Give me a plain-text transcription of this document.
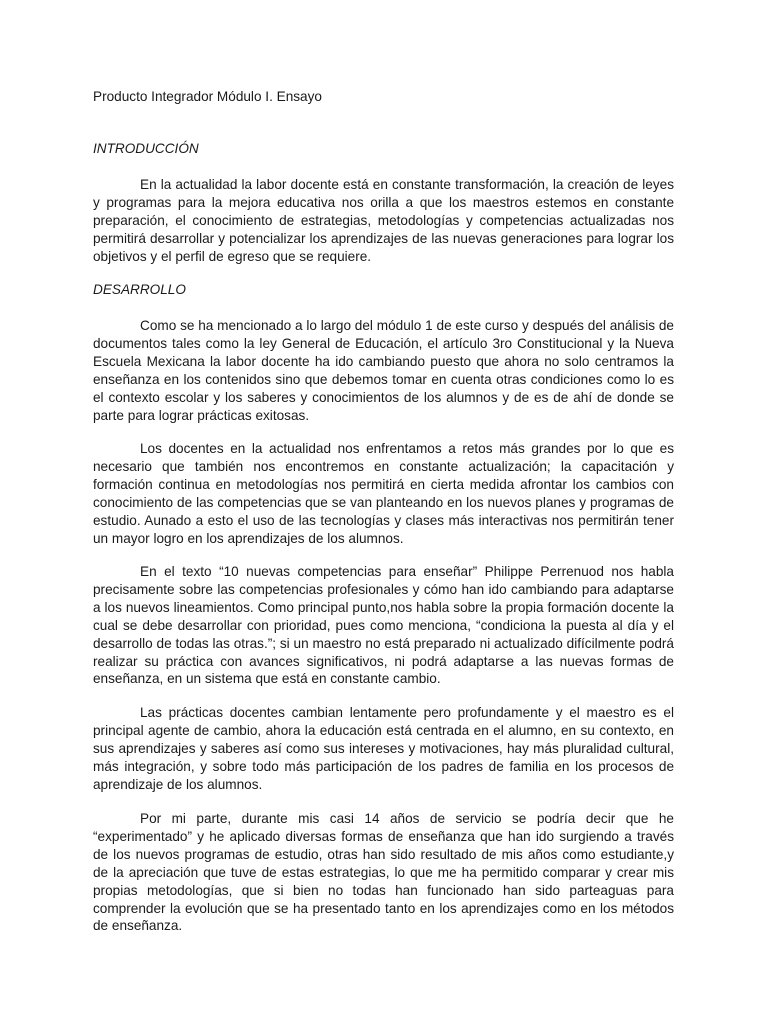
Producto Integrador Módulo I. Ensayo

INTRODUCCIÓN

En la actualidad la labor docente está en constante transformación, la creación de leyes y programas para la mejora educativa nos orilla a que los maestros estemos en constante preparación, el conocimiento de estrategias, metodologías y competencias actualizadas nos permitirá desarrollar y potencializar los aprendizajes de las nuevas generaciones para lograr los objetivos y el perfil de egreso que se requiere.

DESARROLLO

Como se ha mencionado a lo largo del módulo 1 de este curso y después del análisis de documentos tales como la ley General de Educación, el artículo 3ro Constitucional y la Nueva Escuela Mexicana la labor docente ha ido cambiando puesto que ahora no solo centramos la enseñanza en los contenidos sino que debemos tomar en cuenta otras condiciones como lo es el contexto escolar y los saberes y conocimientos de los alumnos y de es de ahí de donde se parte para lograr prácticas exitosas.

Los docentes en la actualidad nos enfrentamos a retos más grandes por lo que es necesario que también nos encontremos en constante actualización; la capacitación y formación continua en metodologías nos permitirá en cierta medida afrontar los cambios con conocimiento de las competencias que se van planteando en los nuevos planes y programas de estudio. Aunado a esto el uso de las tecnologías y clases más interactivas nos permitirán tener un mayor logro en los aprendizajes de los alumnos.

En el texto “10 nuevas competencias para enseñar” Philippe Perrenuod nos habla precisamente sobre las competencias profesionales y cómo han ido cambiando para adaptarse a los nuevos lineamientos. Como principal punto,nos habla sobre la propia formación docente la cual se debe desarrollar con prioridad, pues como menciona, “condiciona la puesta al día y el desarrollo de todas las otras.”; si un maestro no está preparado ni actualizado difícilmente podrá realizar su práctica con avances significativos, ni podrá adaptarse a las nuevas formas de enseñanza, en un sistema que está en constante cambio.

Las prácticas docentes cambian lentamente pero profundamente y el maestro es el principal agente de cambio, ahora la educación está centrada en el alumno, en su contexto, en sus aprendizajes y saberes así como sus intereses y motivaciones, hay más pluralidad cultural, más integración, y sobre todo más participación de los padres de familia en los procesos de aprendizaje de los alumnos.

Por mi parte, durante mis casi 14 años de servicio se podría decir que he “experimentado” y he aplicado diversas formas de enseñanza que han ido surgiendo a través de los nuevos programas de estudio, otras han sido resultado de mis años como estudiante,y de la apreciación que tuve de estas estrategias, lo que me ha permitido comparar y crear mis propias metodologías, que si bien no todas han funcionado han sido parteaguas para comprender la evolución que se ha presentado tanto en los aprendizajes como en los métodos de enseñanza.
